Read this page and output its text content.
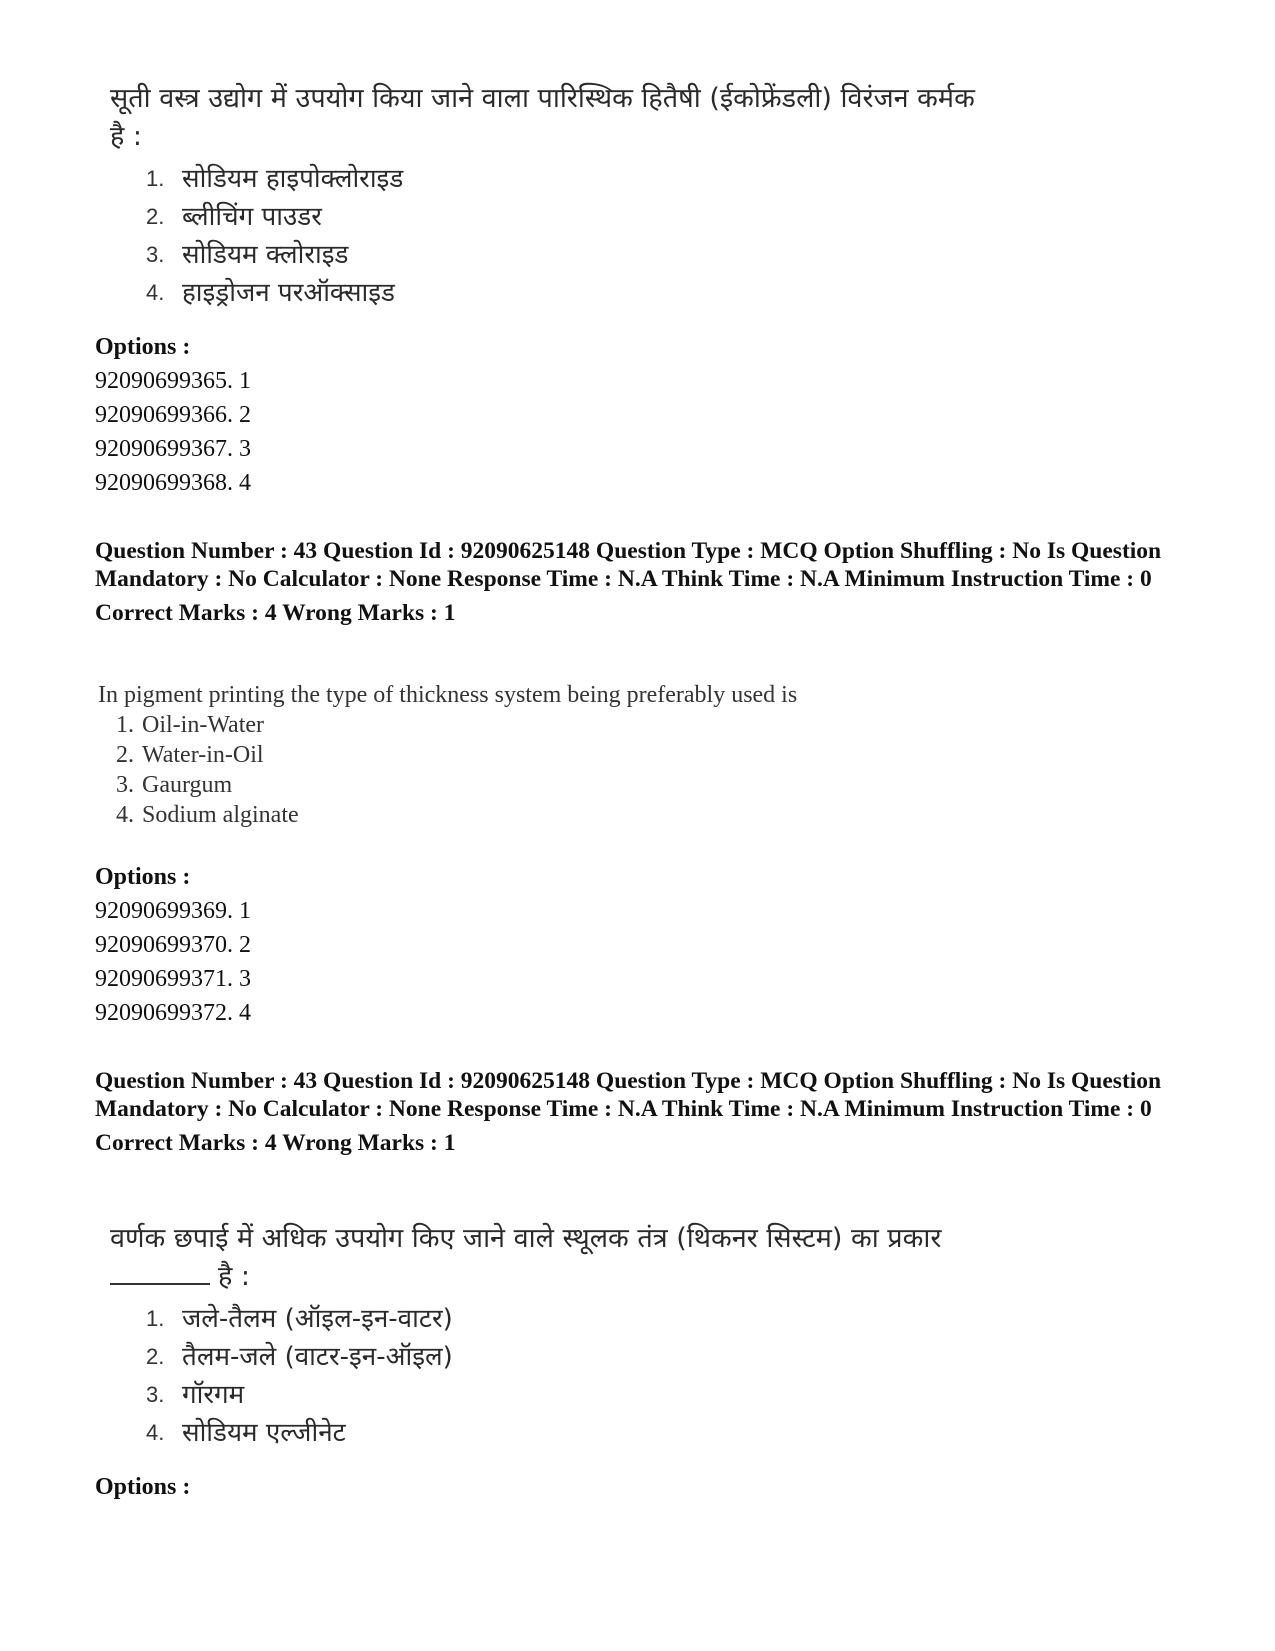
सूती वस्त्र उद्योग में उपयोग किया जाने वाला पारिस्थिक हितैषी (ईकोफ्रेंडली) विरंजन कर्मक
है :
1. सोडियम हाइपोक्लोराइड
2. ब्लीचिंग पाउडर
3. सोडियम क्लोराइड
4. हाइड्रोजन परऑक्साइड
Options :
92090699365. 1
92090699366. 2
92090699367. 3
92090699368. 4
Question Number : 43 Question Id : 92090625148 Question Type : MCQ Option Shuffling : No Is Question Mandatory : No Calculator : None Response Time : N.A Think Time : N.A Minimum Instruction Time : 0
Correct Marks : 4 Wrong Marks : 1
In pigment printing the type of thickness system being preferably used is
1. Oil-in-Water
2. Water-in-Oil
3. Gaurgum
4. Sodium alginate
Options :
92090699369. 1
92090699370. 2
92090699371. 3
92090699372. 4
Question Number : 43 Question Id : 92090625148 Question Type : MCQ Option Shuffling : No Is Question Mandatory : No Calculator : None Response Time : N.A Think Time : N.A Minimum Instruction Time : 0
Correct Marks : 4 Wrong Marks : 1
वर्णक छपाई में अधिक उपयोग किए जाने वाले स्थूलक तंत्र (थिकनर सिस्टम) का प्रकार
है :
1. जले-तैलम (ऑइल-इन-वाटर)
2. तैलम-जले (वाटर-इन-ऑइल)
3. गॉरगम
4. सोडियम एल्जीनेट
Options :
